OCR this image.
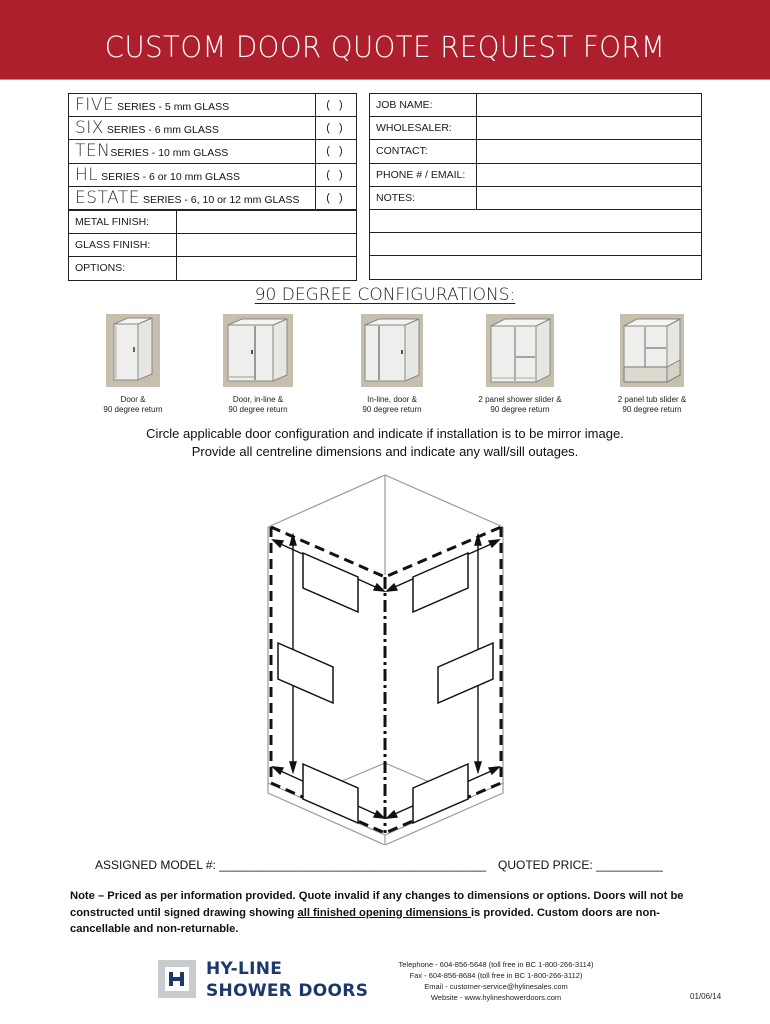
CUSTOM DOOR QUOTE REQUEST FORM
FIVE SERIES - 5 mm GLASS	( )
SIX SERIES - 6 mm GLASS	( )
TENSERIES - 10 mm GLASS	( )
HL SERIES - 6 or 10 mm GLASS	( )
ESTATE SERIES - 6, 10 or 12 mm GLASS	( )
METAL FINISH:	
GLASS FINISH:	
OPTIONS:	
JOB NAME:	
WHOLESALER:	
CONTACT:	
PHONE # / EMAIL:	
NOTES:	

90 DEGREE CONFIGURATIONS:
Door &
90 degree return
Door, in-line &
90 degree return
In-line, door &
90 degree return
2 panel shower slider &
90 degree return
2 panel tub slider &
90 degree return
Circle applicable door configuration and indicate if installation is to be mirror image.
Provide all centreline dimensions and indicate any wall/sill outages.
ASSIGNED MODEL #: ________________________________________ QUOTED PRICE: __________
Note – Priced as per information provided. Quote invalid if any changes to dimensions or options. Doors will not be constructed until signed drawing showing all finished opening dimensions is provided. Custom doors are non-cancellable and non-returnable.
HY-LINE
SHOWER DOORS
Telephone - 604-856-5648 (toll free in BC 1-800-266-3114)
Fax - 604-856-8684 (toll free in BC 1-800-266-3112)
Email - customer-service@hylinesales.com
Website - www.hylineshowerdoors.com	01/06/14
